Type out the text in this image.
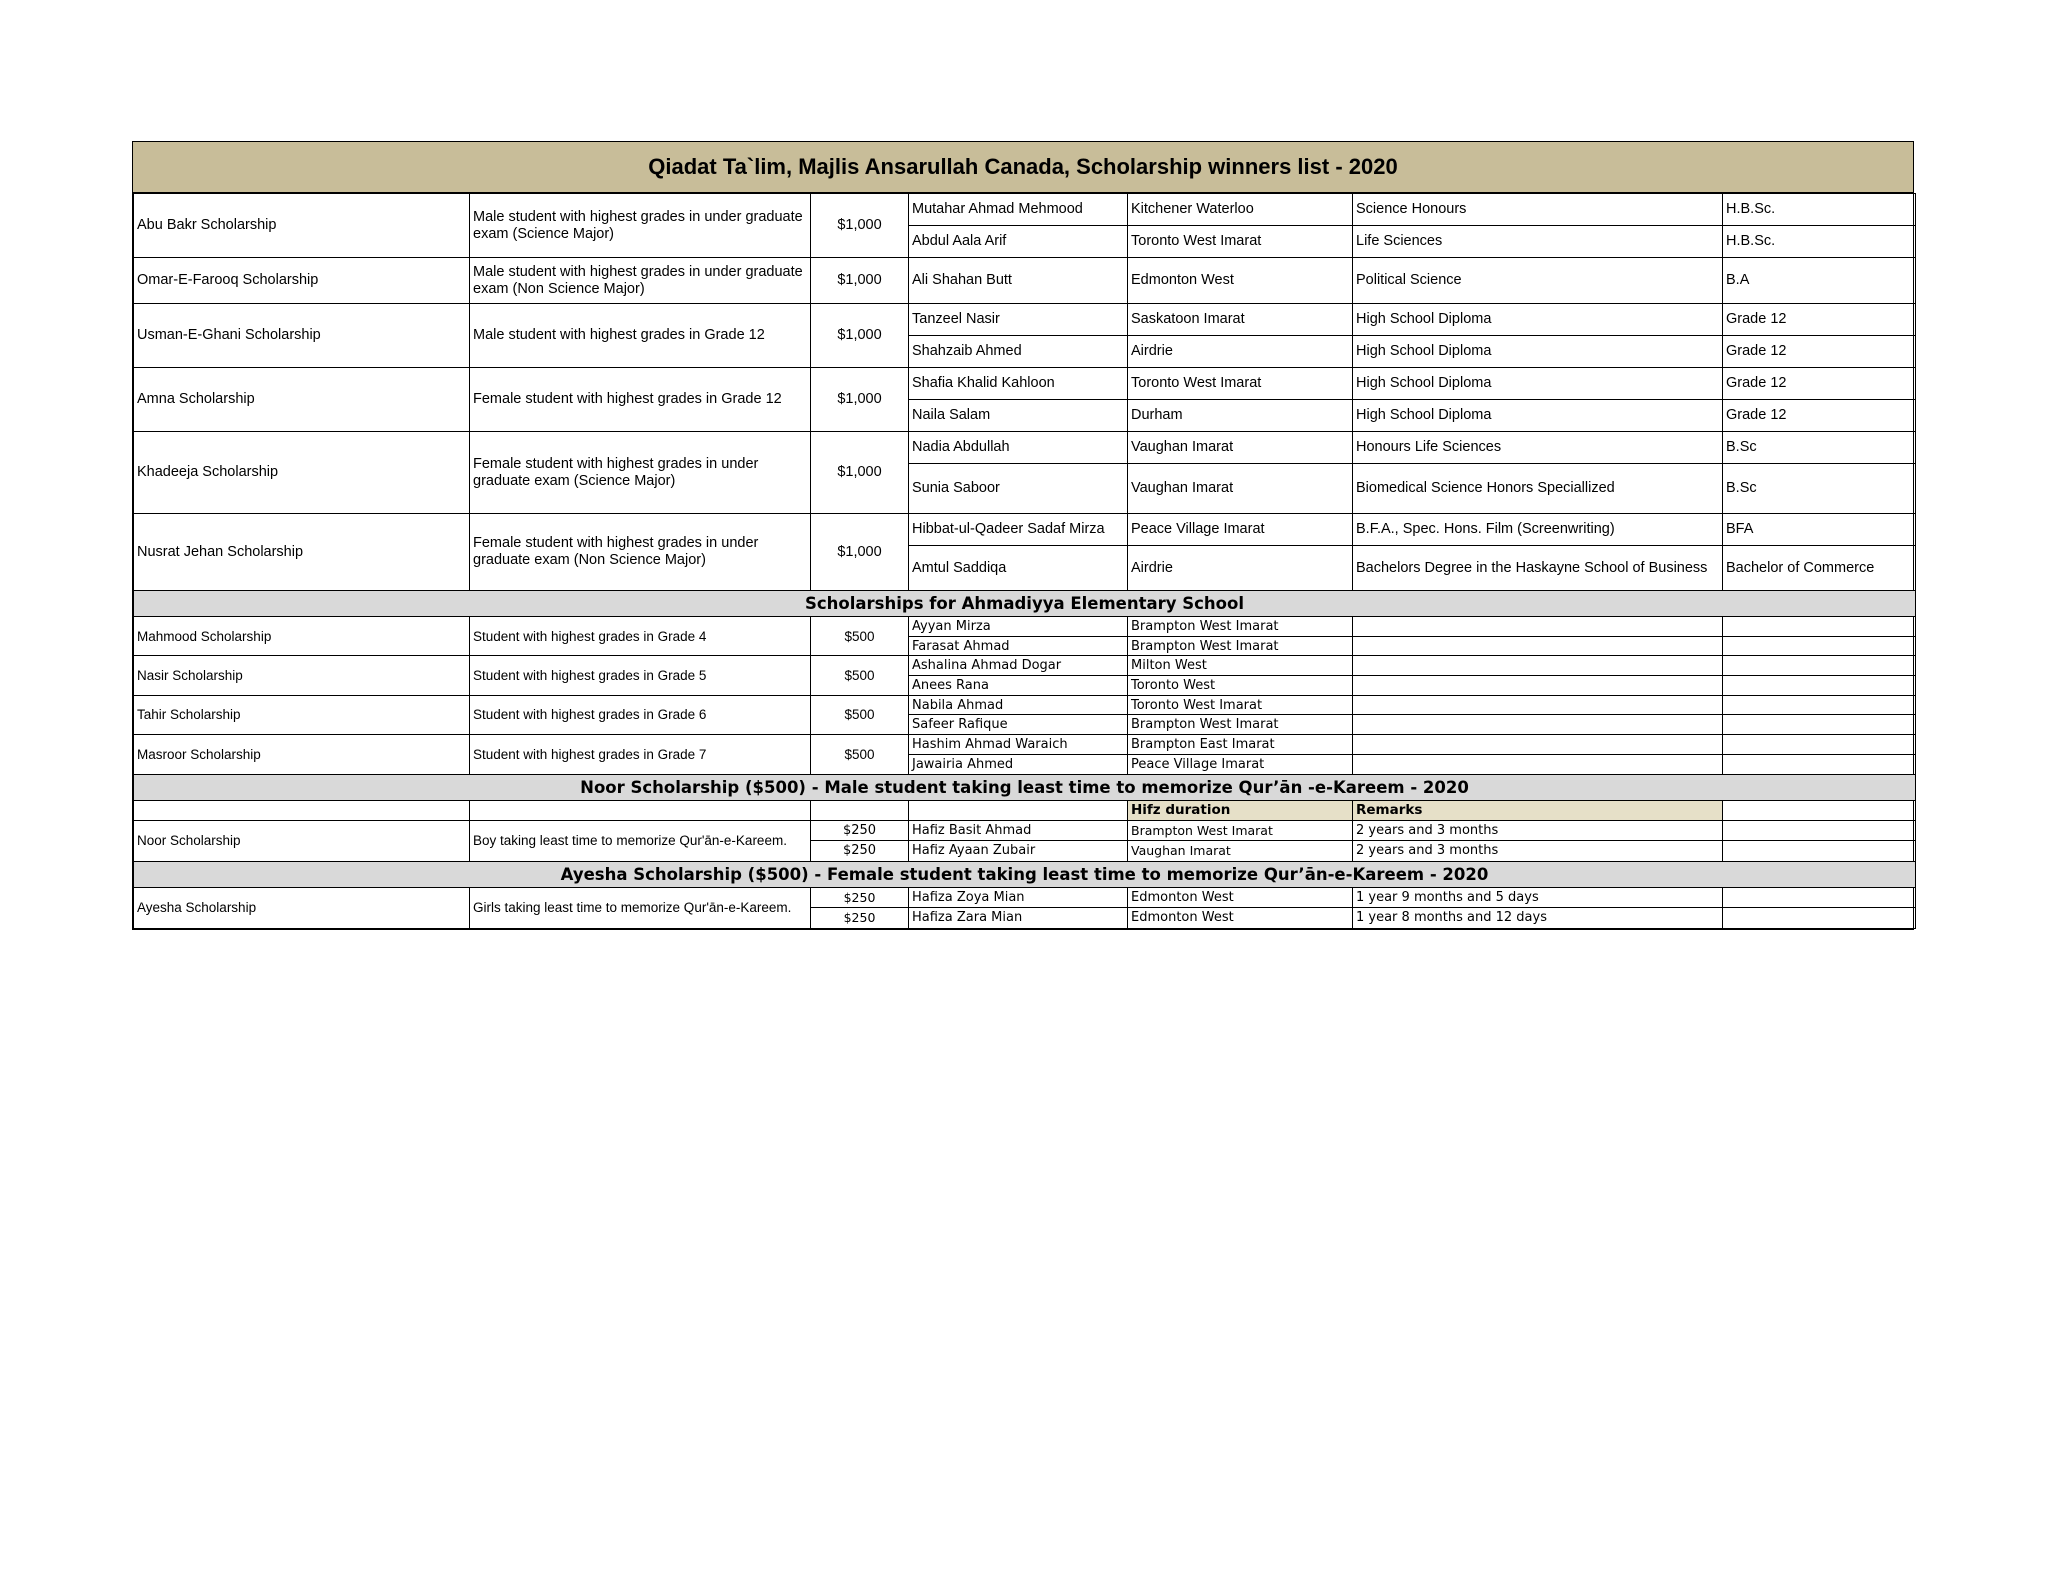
Qiadat Ta`lim, Majlis Ansarullah Canada, Scholarship winners list - 2020
Abu Bakr Scholarship	Male student with highest grades in under graduate exam (Science Major)	$1,000	Mutahar Ahmad Mehmood	Kitchener Waterloo	Science Honours	H.B.Sc.
			Abdul Aala Arif	Toronto West Imarat	Life Sciences	H.B.Sc.
Omar-E-Farooq Scholarship	Male student with highest grades in under graduate exam (Non Science Major)	$1,000	Ali Shahan Butt	Edmonton West	Political Science	B.A
Usman-E-Ghani Scholarship	Male student with highest grades in Grade 12	$1,000	Tanzeel Nasir	Saskatoon Imarat	High School Diploma	Grade 12
			Shahzaib Ahmed	Airdrie	High School Diploma	Grade 12
Amna Scholarship	Female student with highest grades in Grade 12	$1,000	Shafia Khalid Kahloon	Toronto West Imarat	High School Diploma	Grade 12
			Naila Salam	Durham	High School Diploma	Grade 12
Khadeeja Scholarship	Female student with highest grades in under graduate exam (Science Major)	$1,000	Nadia Abdullah	Vaughan Imarat	Honours Life Sciences	B.Sc
			Sunia Saboor	Vaughan Imarat	Biomedical Science Honors Speciallized	B.Sc
Nusrat Jehan Scholarship	Female student with highest grades in under graduate exam (Non Science Major)	$1,000	Hibbat-ul-Qadeer Sadaf Mirza	Peace Village Imarat	B.F.A., Spec. Hons. Film (Screenwriting)	BFA
			Amtul Saddiqa	Airdrie	Bachelors Degree in the Haskayne School of Business	Bachelor of Commerce
Scholarships for Ahmadiyya Elementary School						
Mahmood Scholarship	Student with highest grades in Grade 4	$500	Ayyan Mirza	Brampton West Imarat		
			Farasat Ahmad	Brampton West Imarat		
Nasir Scholarship	Student with highest grades in Grade 5	$500	Ashalina Ahmad Dogar	Milton West		
			Anees Rana	Toronto West		
Tahir Scholarship	Student with highest grades in Grade 6	$500	Nabila Ahmad	Toronto West Imarat		
			Safeer Rafique	Brampton West Imarat		
Masroor Scholarship	Student with highest grades in Grade 7	$500	Hashim Ahmad Waraich	Brampton East Imarat		
			Jawairia Ahmed	Peace Village Imarat		
Noor Scholarship ($500) - Male student taking least time to memorize Qur’ān -e-Kareem - 2020						
				Hifz duration	Remarks	
Noor Scholarship	Boy taking least time to memorize Qur'ān-e-Kareem.	$250	Hafiz Basit Ahmad	Brampton West Imarat	2 years and 3 months	
		$250	Hafiz Ayaan Zubair	Vaughan Imarat	2 years and 3 months	
Ayesha Scholarship ($500) - Female student taking least time to memorize Qur’ān-e-Kareem - 2020						
Ayesha Scholarship	Girls taking least time to memorize Qur'ān-e-Kareem.	$250	Hafiza Zoya Mian	Edmonton West	1 year 9 months and 5 days	
		$250	Hafiza Zara Mian	Edmonton West	1 year 8 months and 12 days	
